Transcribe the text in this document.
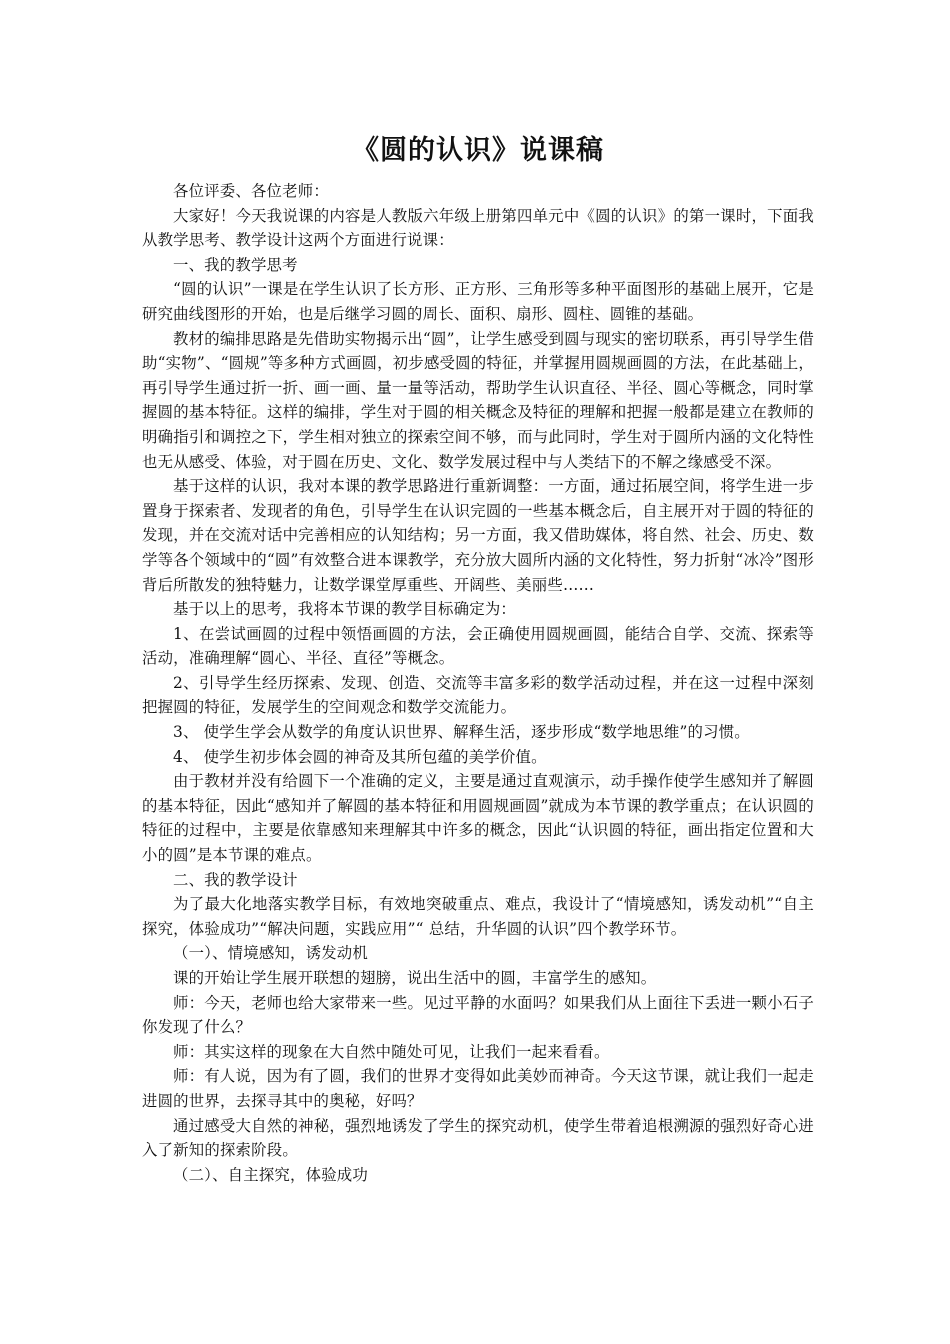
《圆的认识》说课稿

各位评委、各位老师：

大家好！今天我说课的内容是人教版六年级上册第四单元中《圆的认识》的第一课时，下面我从教学思考、教学设计这两个方面进行说课：

一、我的教学思考

“圆的认识”一课是在学生认识了长方形、正方形、三角形等多种平面图形的基础上展开，它是研究曲线图形的开始，也是后继学习圆的周长、面积、扇形、圆柱、圆锥的基础。

教材的编排思路是先借助实物揭示出“圆”，让学生感受到圆与现实的密切联系，再引导学生借助“实物”、“圆规”等多种方式画圆，初步感受圆的特征，并掌握用圆规画圆的方法，在此基础上，再引导学生通过折一折、画一画、量一量等活动，帮助学生认识直径、半径、圆心等概念，同时掌握圆的基本特征。这样的编排，学生对于圆的相关概念及特征的理解和把握一般都是建立在教师的明确指引和调控之下，学生相对独立的探索空间不够，而与此同时，学生对于圆所内涵的文化特性也无从感受、体验，对于圆在历史、文化、数学发展过程中与人类结下的不解之缘感受不深。

基于这样的认识，我对本课的教学思路进行重新调整：一方面，通过拓展空间，将学生进一步置身于探索者、发现者的角色，引导学生在认识完圆的一些基本概念后，自主展开对于圆的特征的发现，并在交流对话中完善相应的认知结构；另一方面，我又借助媒体，将自然、社会、历史、数学等各个领域中的“圆”有效整合进本课教学，充分放大圆所内涵的文化特性，努力折射“冰冷”图形背后所散发的独特魅力，让数学课堂厚重些、开阔些、美丽些……

基于以上的思考，我将本节课的教学目标确定为：

1、在尝试画圆的过程中领悟画圆的方法，会正确使用圆规画圆，能结合自学、交流、探索等活动，准确理解“圆心、半径、直径”等概念。

2、引导学生经历探索、发现、创造、交流等丰富多彩的数学活动过程，并在这一过程中深刻把握圆的特征，发展学生的空间观念和数学交流能力。

3、 使学生学会从数学的角度认识世界、解释生活，逐步形成“数学地思维”的习惯。

4、 使学生初步体会圆的神奇及其所包蕴的美学价值。

由于教材并没有给圆下一个准确的定义，主要是通过直观演示，动手操作使学生感知并了解圆的基本特征，因此“感知并了解圆的基本特征和用圆规画圆”就成为本节课的教学重点；在认识圆的特征的过程中，主要是依靠感知来理解其中许多的概念，因此“认识圆的特征，画出指定位置和大小的圆”是本节课的难点。

二、我的教学设计

为了最大化地落实教学目标，有效地突破重点、难点，我设计了“情境感知，诱发动机”“自主探究，体验成功”“解决问题，实践应用”“ 总结，升华圆的认识”四个教学环节。

（一）、情境感知，诱发动机

课的开始让学生展开联想的翅膀，说出生活中的圆，丰富学生的感知。

师：今天，老师也给大家带来一些。见过平静的水面吗？如果我们从上面往下丢进一颗小石子你发现了什么？

师：其实这样的现象在大自然中随处可见，让我们一起来看看。

师：有人说，因为有了圆，我们的世界才变得如此美妙而神奇。今天这节课，就让我们一起走进圆的世界，去探寻其中的奥秘，好吗？

通过感受大自然的神秘，强烈地诱发了学生的探究动机，使学生带着追根溯源的强烈好奇心进入了新知的探索阶段。

（二）、自主探究，体验成功
